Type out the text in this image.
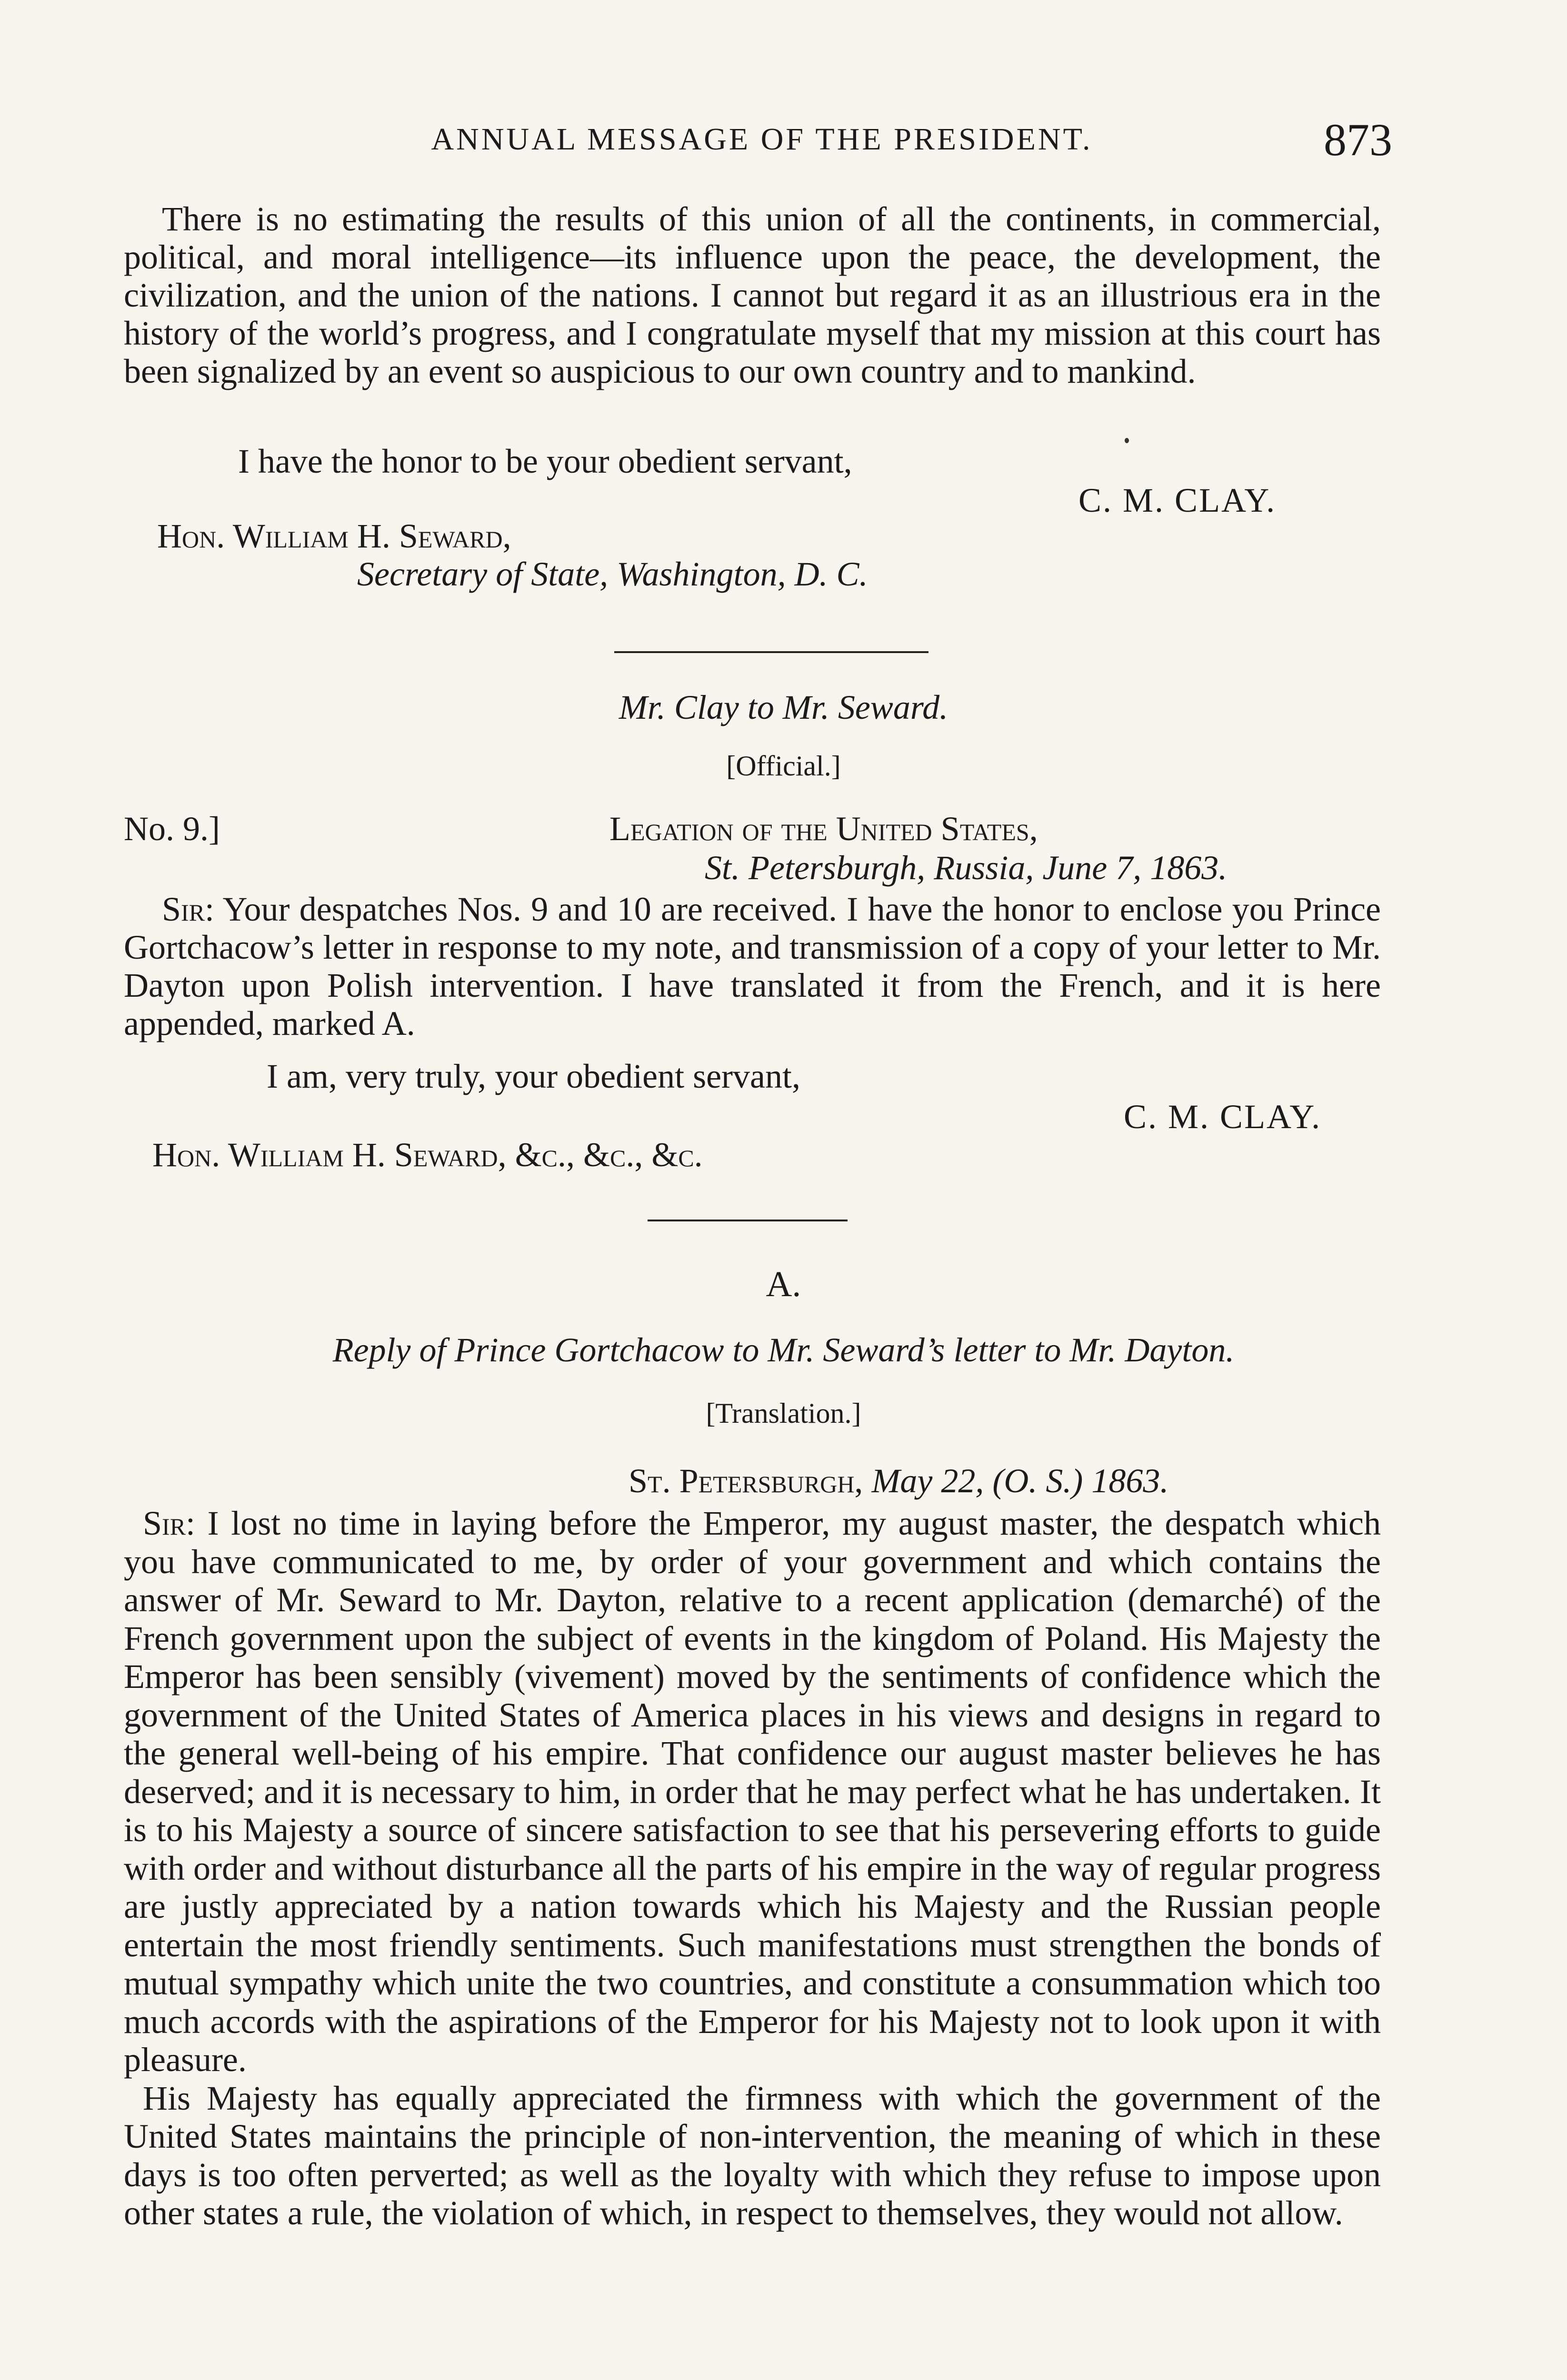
ANNUAL MESSAGE OF THE PRESIDENT.	873

There is no estimating the results of this union of all the continents, in commercial, political, and moral intelligence—its influence upon the peace, the development, the civilization, and the union of the nations. I cannot but regard it as an illustrious era in the history of the world’s progress, and I congratulate myself that my mission at this court has been signalized by an event so auspicious to our own country and to mankind.

I have the honor to be your obedient servant,
C. M. CLAY.
Hon. William H. Seward,
Secretary of State, Washington, D. C.
Mr. Clay to Mr. Seward.
[Official.]
No. 9.]	Legation of the United States,
St. Petersburgh, Russia, June 7, 1863.

Sir: Your despatches Nos. 9 and 10 are received. I have the honor to enclose you Prince Gortchacow’s letter in response to my note, and transmission of a copy of your letter to Mr. Dayton upon Polish intervention. I have translated it from the French, and it is here appended, marked A.

I am, very truly, your obedient servant,
C. M. CLAY.
Hon. William H. Seward, &c., &c., &c.
A.
Reply of Prince Gortchacow to Mr. Seward’s letter to Mr. Dayton.
[Translation.]
St. Petersburgh, May 22, (O. S.) 1863.

Sir: I lost no time in laying before the Emperor, my august master, the despatch which you have communicated to me, by order of your government and which contains the answer of Mr. Seward to Mr. Dayton, relative to a recent application (demarché) of the French government upon the subject of events in the kingdom of Poland. His Majesty the Emperor has been sensibly (vivement) moved by the sentiments of confidence which the government of the United States of America places in his views and designs in regard to the general well-being of his empire. That confidence our august master believes he has deserved; and it is necessary to him, in order that he may perfect what he has undertaken. It is to his Majesty a source of sincere satisfaction to see that his persevering efforts to guide with order and without disturbance all the parts of his empire in the way of regular progress are justly appreciated by a nation towards which his Majesty and the Russian people entertain the most friendly sentiments. Such manifestations must strengthen the bonds of mutual sympathy which unite the two countries, and constitute a consummation which too much accords with the aspirations of the Emperor for his Majesty not to look upon it with pleasure.

His Majesty has equally appreciated the firmness with which the government of the United States maintains the principle of non-intervention, the meaning of which in these days is too often perverted; as well as the loyalty with which they refuse to impose upon other states a rule, the violation of which, in respect to themselves, they would not allow.
